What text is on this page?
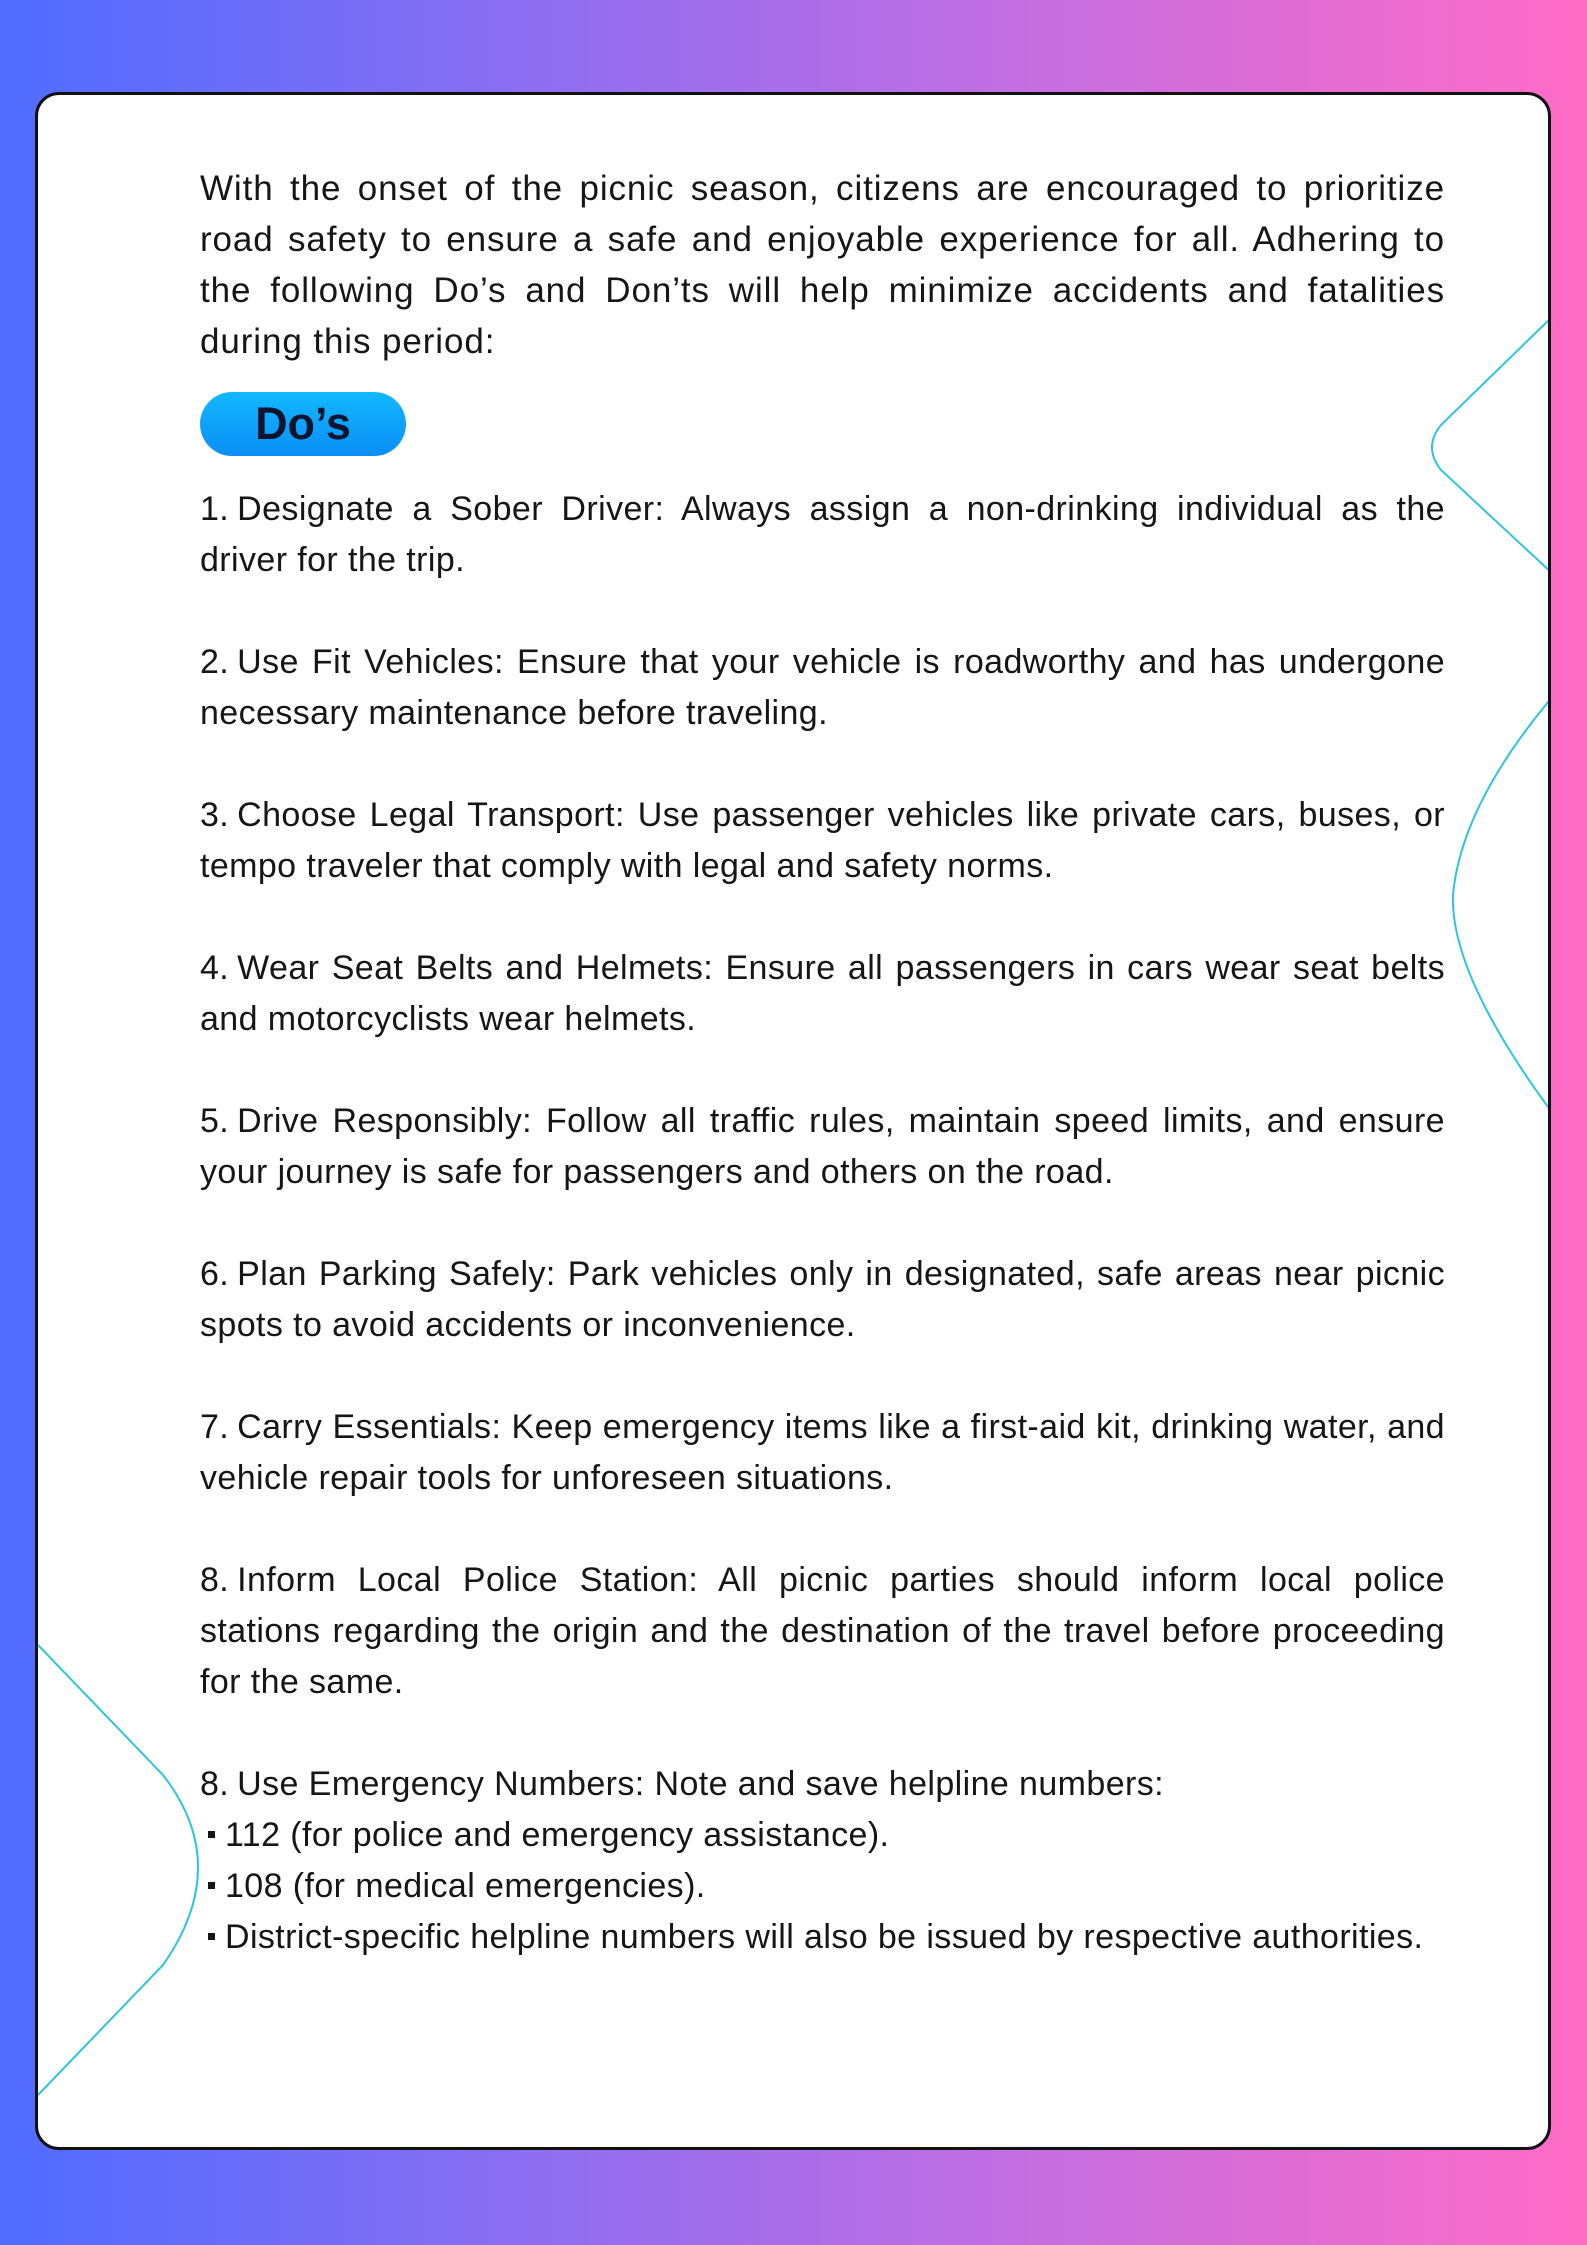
With the onset of the picnic season, citizens are encouraged to prioritize road safety to ensure a safe and enjoyable experience for all. Adhering to the following Do’s and Don’ts will help minimize accidents and fatalities during this period:

Do’s

1. Designate a Sober Driver: Always assign a non-drinking individual as the driver for the trip.

2. Use Fit Vehicles: Ensure that your vehicle is roadworthy and has undergone necessary maintenance before traveling.

3. Choose Legal Transport: Use passenger vehicles like private cars, buses, or tempo traveler that comply with legal and safety norms.

4. Wear Seat Belts and Helmets: Ensure all passengers in cars wear seat belts and motorcyclists wear helmets.

5. Drive Responsibly: Follow all traffic rules, maintain speed limits, and ensure your journey is safe for passengers and others on the road.

6. Plan Parking Safely: Park vehicles only in designated, safe areas near picnic spots to avoid accidents or inconvenience.

7. Carry Essentials: Keep emergency items like a first-aid kit, drinking water, and vehicle repair tools for unforeseen situations.

8. Inform Local Police Station: All picnic parties should inform local police stations regarding the origin and the destination of the travel before proceeding for the same.

8. Use Emergency Numbers: Note and save helpline numbers:
112 (for police and emergency assistance).
108 (for medical emergencies).
District-specific helpline numbers will also be issued by respective authorities.
